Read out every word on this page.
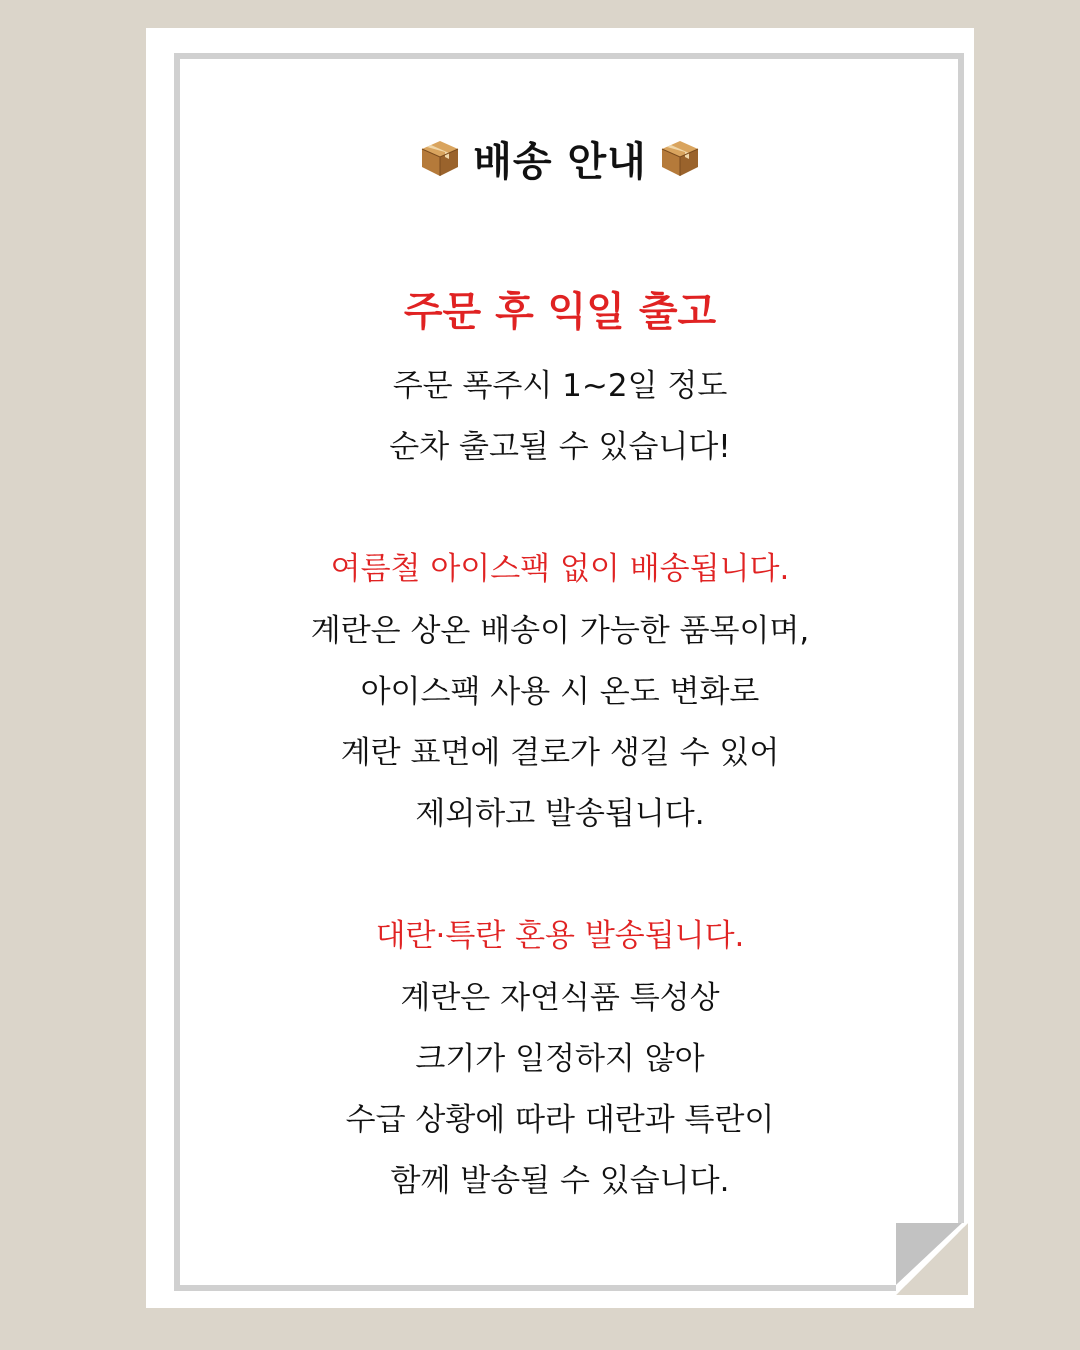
배송 안내
주문 후 익일 출고
주문 폭주시 1~2일 정도
순차 출고될 수 있습니다!
여름철 아이스팩 없이 배송됩니다.
계란은 상온 배송이 가능한 품목이며,
아이스팩 사용 시 온도 변화로
계란 표면에 결로가 생길 수 있어
제외하고 발송됩니다.
대란·특란 혼용 발송됩니다.
계란은 자연식품 특성상
크기가 일정하지 않아
수급 상황에 따라 대란과 특란이
함께 발송될 수 있습니다.
